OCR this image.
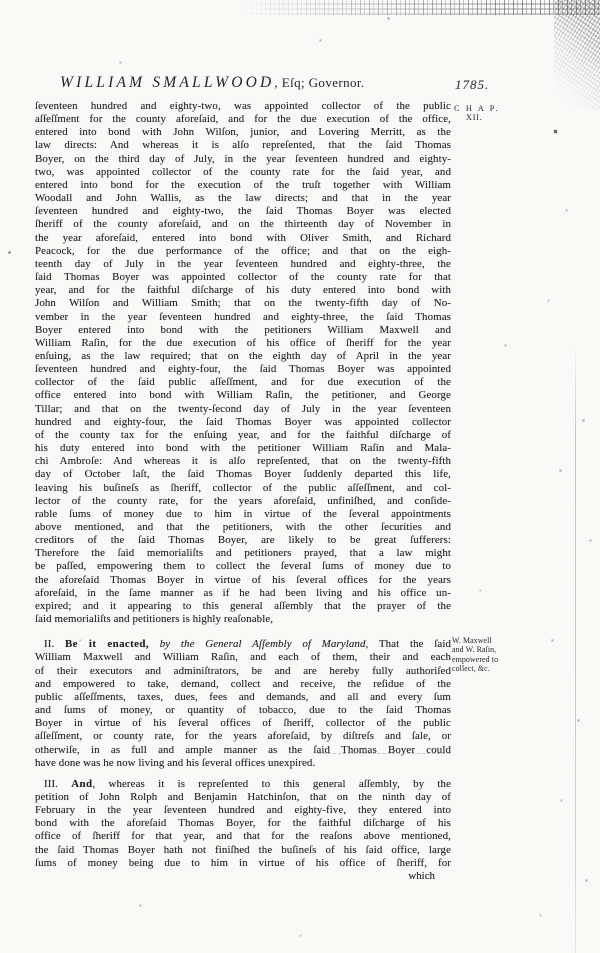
WILLIAM SMALLWOOD, Eſq; Governor.	1785.
C H A P.
XII.
W. Maxwell
and W. Raſin,
empowered to
collect, &c.
ſeventeen hundred and eighty-two, was appointed collector of the public
aſſeſſment for the county aforeſaid, and for the due execution of the office,
entered into bond with John Wilſon, junior, and Lovering Merritt, as the
law directs: And whereas it is alſo repreſented, that the ſaid Thomas
Boyer, on the third day of July, in the year ſeventeen hundred and eighty-
two, was appointed collector of the county rate for the ſaid year, and
entered into bond for the execution of the truſt together with William
Woodall and John Wallis, as the law directs; and that in the year
ſeventeen hundred and eighty-two, the ſaid Thomas Boyer was elected
ſheriff of the county aforeſaid, and on the thirteenth day of November in
the year aforeſaid, entered into bond with Oliver Smith, and Richard
Peacock, for the due performance of the office; and that on the eigh-
teenth day of July in the year ſeventeen hundred and eighty-three, the
ſaid Thomas Boyer was appointed collector of the county rate for that
year, and for the faithful diſcharge of his duty entered into bond with
John Wilſon and William Smith; that on the twenty-fifth day of No-
vember in the year ſeventeen hundred and eighty-three, the ſaid Thomas
Boyer entered into bond with the petitioners William Maxwell and
William Raſin, for the due execution of his office of ſheriff for the year
enſuing, as the law required; that on the eighth day of April in the year
ſeventeen hundred and eighty-four, the ſaid Thomas Boyer was appointed
collector of the ſaid public aſſeſſment, and for due execution of the
office entered into bond with William Raſin, the petitioner, and George
Tillar; and that on the twenty-ſecond day of July in the year ſeventeen
hundred and eighty-four, the ſaid Thomas Boyer was appointed collector
of the county tax for the enſuing year, and for the faithful diſcharge of
his duty entered into bond with the petitioner William Raſin and Mala-
chi Ambroſe: And whereas it is alſo repreſented, that on the twenty-fifth
day of October laſt, the ſaid Thomas Boyer ſuddenly departed this life,
leaving his buſineſs as ſheriff, collector of the public aſſeſſment, and col-
lector of the county rate, for the years aforeſaid, unfiniſhed, and conſide-
rable ſums of money due to him in virtue of the ſeveral appointments
above mentioned, and that the petitioners, with the other ſecurities and
creditors of the ſaid Thomas Boyer, are likely to be great ſufferers:
Therefore the ſaid memorialiſts and petitioners prayed, that a law might
be paſſed, empowering them to collect the ſeveral ſums of money due to
the aforeſaid Thomas Boyer in virtue of his ſeveral offices for the years
aforeſaid, in the ſame manner as if he had been living and his office un-
expired; and it appearing to this general aſſembly that the prayer of the
ſaid memorialiſts and petitioners is highly reaſonable,
II. Be it enacted, by the General Aſſembly of Maryland, That the ſaid
William Maxwell and William Raſin, and each of them, their and each
of their executors and adminiſtrators, be and are hereby fully authoriſed
and empowered to take, demand, collect and receive, the reſidue of the
public aſſeſſments, taxes, dues, fees and demands, and all and every ſum
and ſums of money, or quantity of tobacco, due to the ſaid Thomas
Boyer in virtue of his ſeveral offices of ſheriff, collector of the public
aſſeſſment, or county rate, for the years aforeſaid, by diſtreſs and ſale, or
otherwiſe, in as full and ample manner as the ſaid Thomas Boyer could
have done was he now living and his ſeveral offices unexpired.
III. And, whereas it is repreſented to this general aſſembly, by the
petition of John Rolph and Benjamin Hatchinſon, that on the ninth day of
February in the year ſeventeen hundred and eighty-five, they entered into
bond with the aforeſaid Thomas Boyer, for the faithful diſcharge of his
office of ſheriff for that year, and that for the reaſons above mentioned,
the ſaid Thomas Boyer hath not finiſhed the buſineſs of his ſaid office, large
ſums of money being due to him in virtue of his office of ſheriff, for
which
